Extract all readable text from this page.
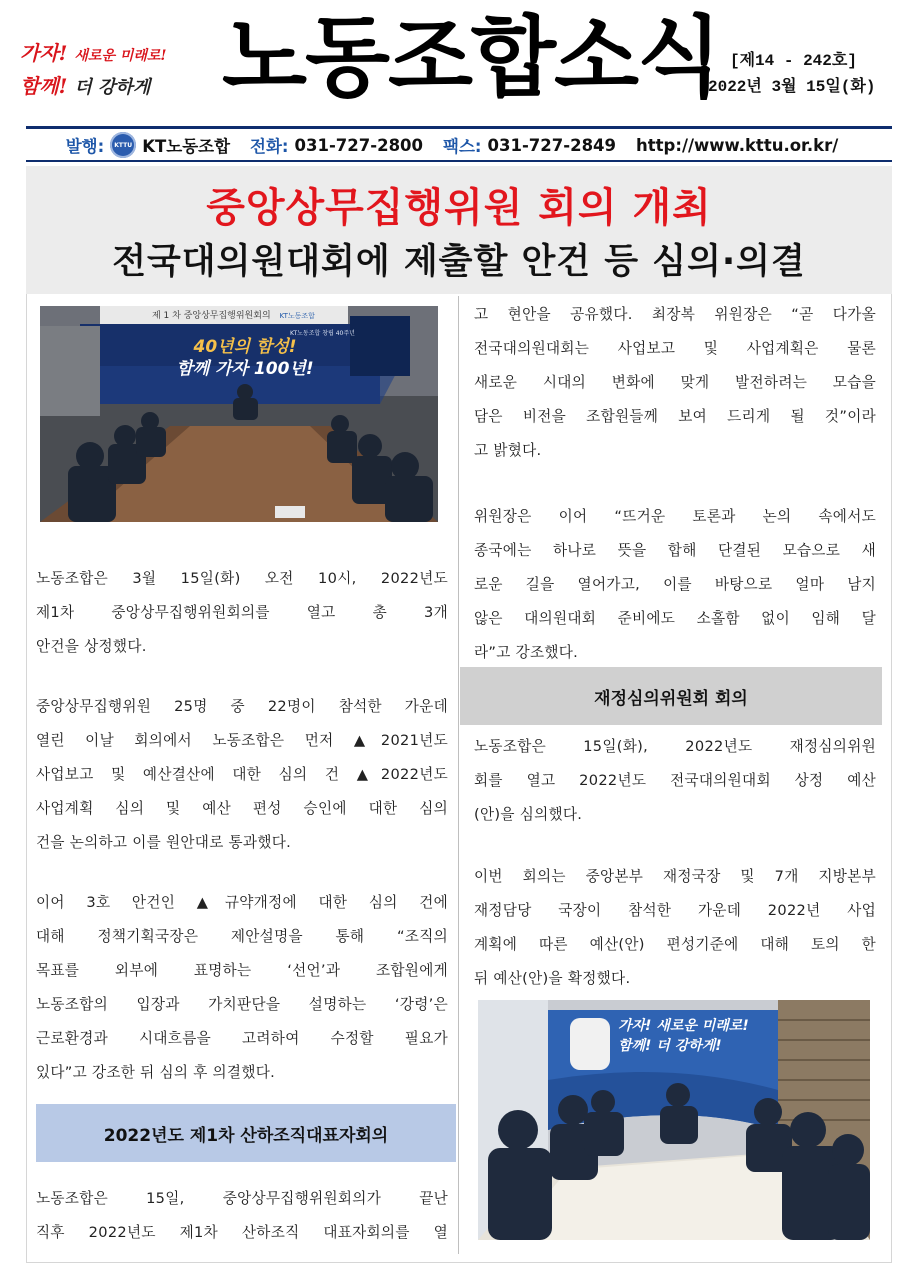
가자! 새로운 미래로!
함께! 더 강하게 노동조합소식 [제14 - 242호]
2022년 3월 15일(화)
발행: KTTU KT노동조합 전화: 031-727-2800 팩스: 031-727-2849 http://www.kttu.or.kr/
중앙상무집행위원 회의 개최
전국대의원대회에 제출할 안건 등 심의·의결
제 1 차 중앙상무집행위원회의 KT노동조합
40년의 함성!
함께 가자 100년!
KT노동조합 창립 40주년
노동조합은 3월 15일(화) 오전 10시, 2022년도
제1차 중앙상무집행위원회의를 열고 총 3개
안건을 상정했다.
중앙상무집행위원 25명 중 22명이 참석한 가운데
열린 이날 회의에서 노동조합은 먼저 ▲2021년도
사업보고 및 예산결산에 대한 심의 건 ▲2022년도
사업계획 심의 및 예산 편성 승인에 대한 심의
건을 논의하고 이를 원안대로 통과했다.
이어 3호 안건인 ▲규약개정에 대한 심의 건에
대해 정책기획국장은 제안설명을 통해 “조직의
목표를 외부에 표명하는 ‘선언’과 조합원에게
노동조합의 입장과 가치판단을 설명하는 ‘강령’은
근로환경과 시대흐름을 고려하여 수정할 필요가
있다”고 강조한 뒤 심의 후 의결했다.
2022년도 제1차 산하조직대표자회의
노동조합은 15일, 중앙상무집행위원회의가 끝난
직후 2022년도 제1차 산하조직 대표자회의를 열
고 현안을 공유했다. 최장복 위원장은 “곧 다가올
전국대의원대회는 사업보고 및 사업계획은 물론
새로운 시대의 변화에 맞게 발전하려는 모습을
담은 비전을 조합원들께 보여 드리게 될 것”이라
고 밝혔다.
위원장은 이어 “뜨거운 토론과 논의 속에서도
종국에는 하나로 뜻을 합해 단결된 모습으로 새
로운 길을 열어가고, 이를 바탕으로 얼마 남지
않은 대의원대회 준비에도 소홀함 없이 임해 달
라”고 강조했다.
재정심의위원회 회의
노동조합은 15일(화), 2022년도 재정심의위원
회를 열고 2022년도 전국대의원대회 상정 예산
(안)을 심의했다.
이번 회의는 중앙본부 재정국장 및 7개 지방본부
재정담당 국장이 참석한 가운데 2022년 사업
계획에 따른 예산(안) 편성기준에 대해 토의 한
뒤 예산(안)을 확정했다.
가자! 새로운 미래로!
함께! 더 강하게!
